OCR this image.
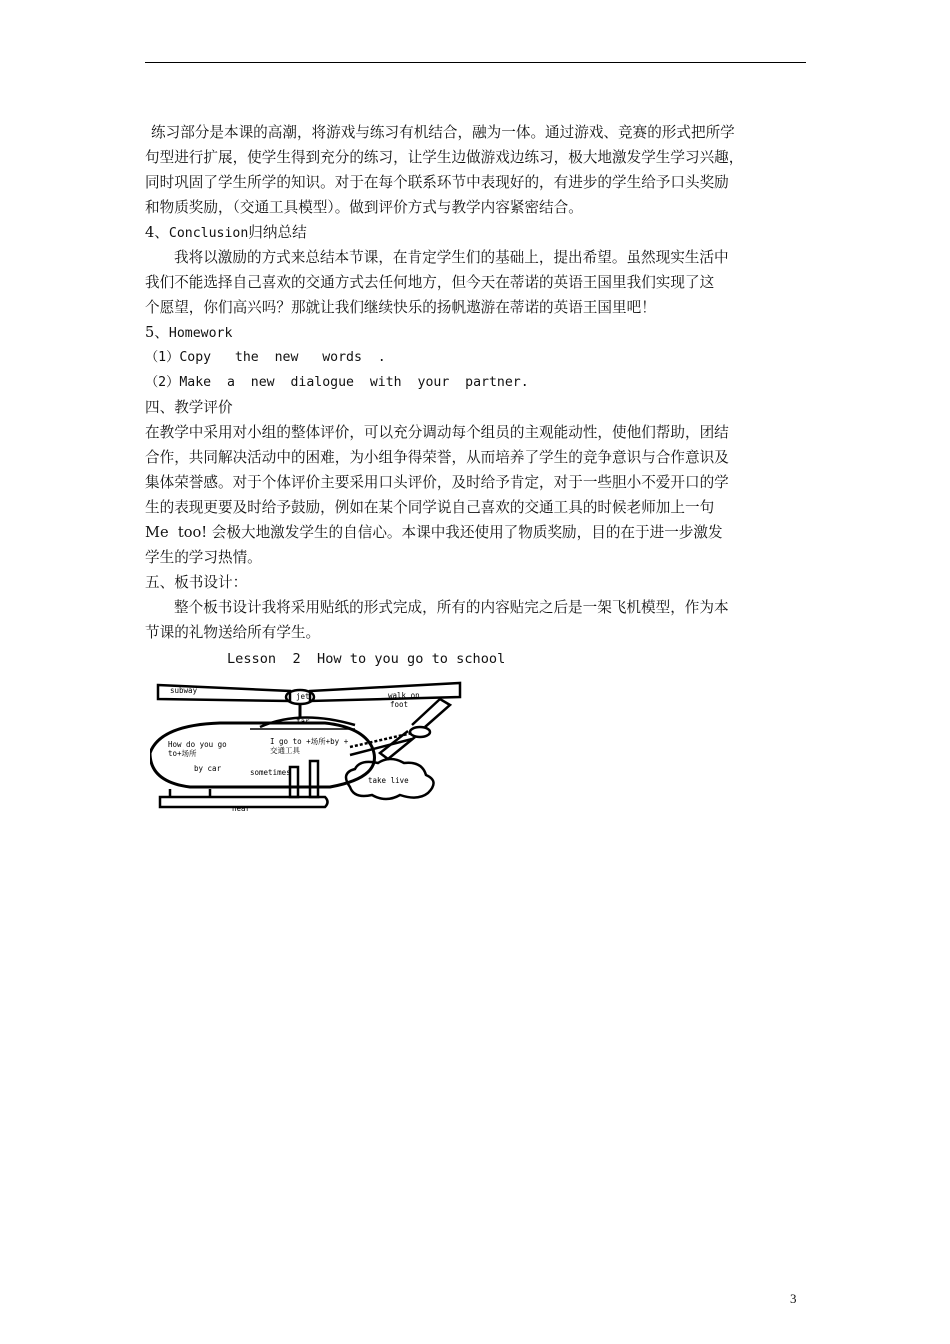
练习部分是本课的高潮，将游戏与练习有机结合，融为一体。通过游戏、竞赛的形式把所学
句型进行扩展，使学生得到充分的练习，让学生边做游戏边练习，极大地激发学生学习兴趣，
同时巩固了学生所学的知识。对于在每个联系环节中表现好的，有进步的学生给予口头奖励
和物质奖励，（交通工具模型）。做到评价方式与教学内容紧密结合。
4、Conclusion归纳总结
我将以激励的方式来总结本节课，在肯定学生们的基础上，提出希望。虽然现实生活中
我们不能选择自己喜欢的交通方式去任何地方，但今天在蒂诺的英语王国里我们实现了这
个愿望，你们高兴吗？那就让我们继续快乐的扬帆遨游在蒂诺的英语王国里吧！
5、Homework
（1）Copy   the  new   words  .
（2）Make  a  new  dialogue  with  your  partner.
四、教学评价
在教学中采用对小组的整体评价，可以充分调动每个组员的主观能动性，使他们帮助，团结
合作，共同解决活动中的困难，为小组争得荣誉，从而培养了学生的竞争意识与合作意识及
集体荣誉感。对于个体评价主要采用口头评价，及时给予肯定，对于一些胆小不爱开口的学
生的表现更要及时给予鼓励，例如在某个同学说自己喜欢的交通工具的时候老师加上一句
Me  too! 会极大地激发学生的自信心。本课中我还使用了物质奖励，目的在于进一步激发
学生的学习热情。
五、板书设计：
整个板书设计我将采用贴纸的形式完成，所有的内容贴完之后是一架飞机模型，作为本
节课的礼物送给所有学生。
Lesson  2  How to you go to school
subway
jet	walk on
foot
far
I go to +场所+by +
交通工具
How do you go
to+场所
by car	sometimes
take live
near
3
